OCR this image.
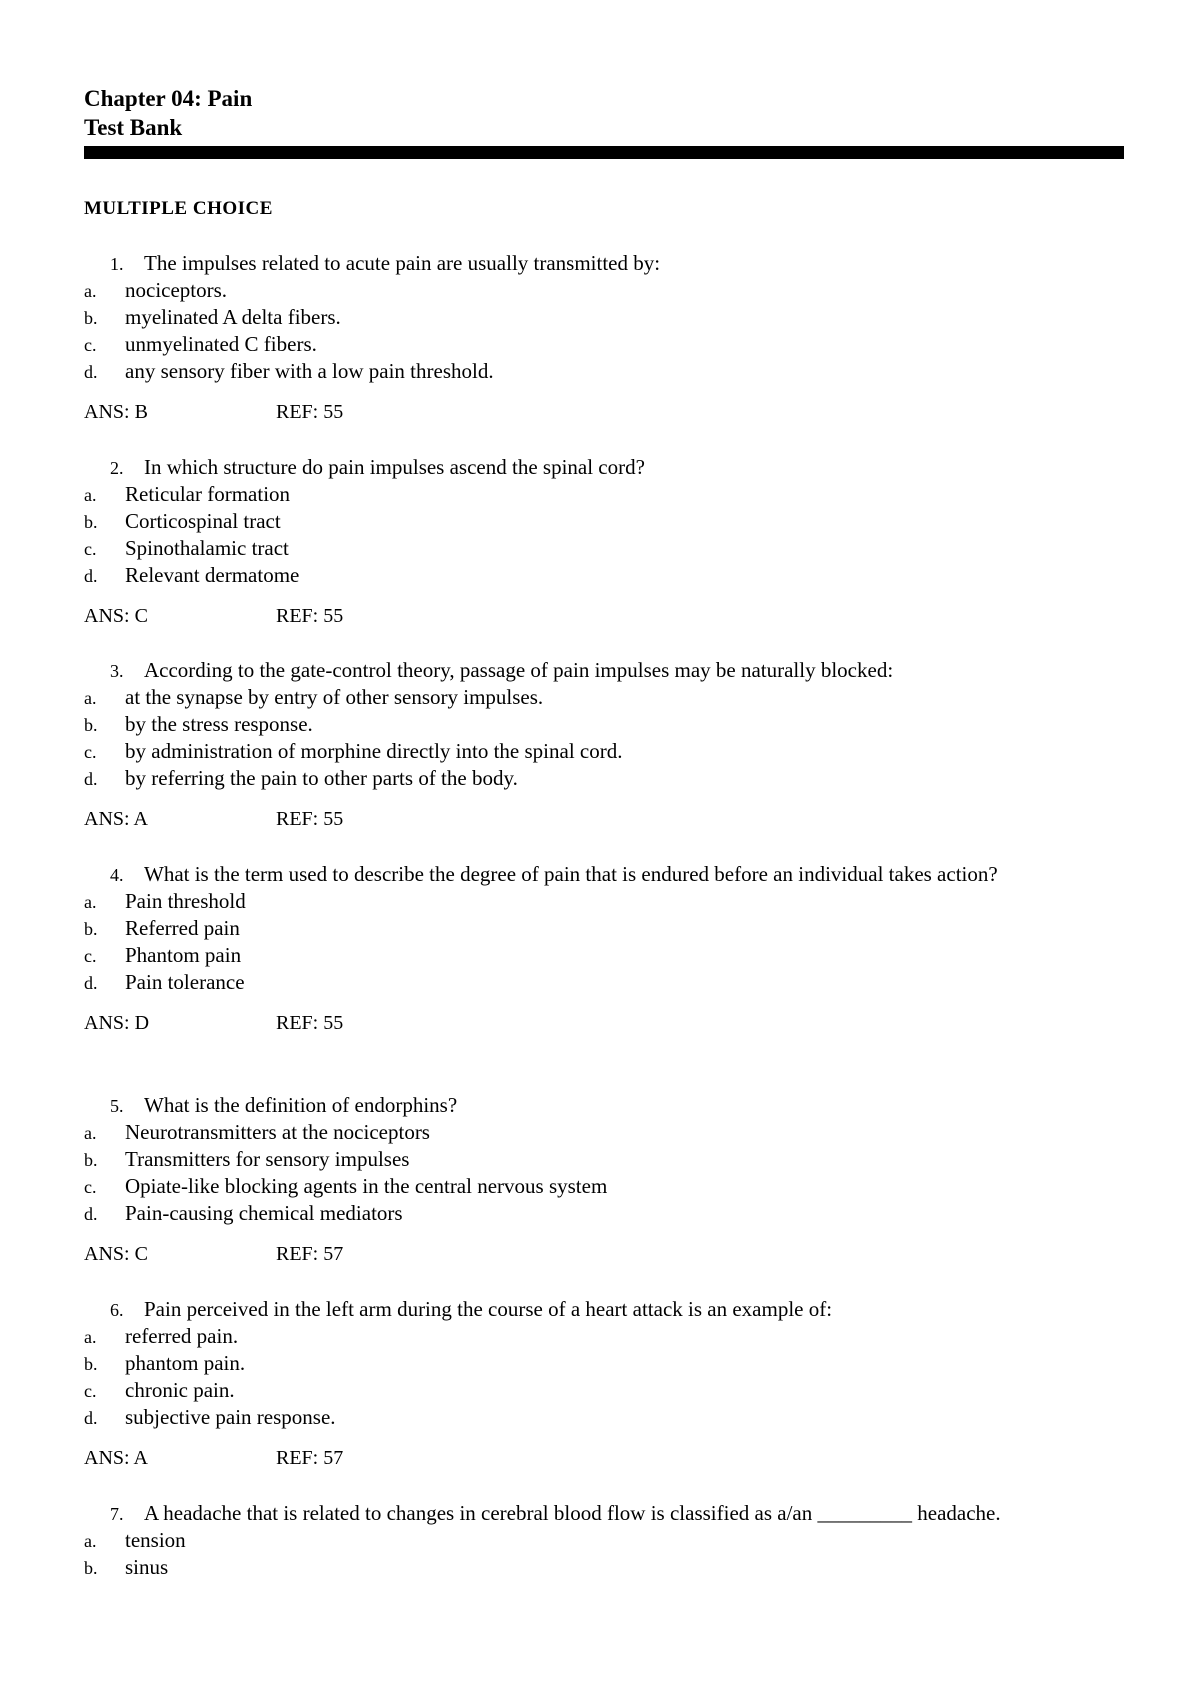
Chapter 04: Pain
Test Bank
MULTIPLE CHOICE
1. The impulses related to acute pain are usually transmitted by:
a. nociceptors.
b. myelinated A delta fibers.
c. unmyelinated C fibers.
d. any sensory fiber with a low pain threshold.
ANS: B	REF: 55
2. In which structure do pain impulses ascend the spinal cord?
a. Reticular formation
b. Corticospinal tract
c. Spinothalamic tract
d. Relevant dermatome
ANS: C	REF: 55
3. According to the gate-control theory, passage of pain impulses may be naturally blocked:
a. at the synapse by entry of other sensory impulses.
b. by the stress response.
c. by administration of morphine directly into the spinal cord.
d. by referring the pain to other parts of the body.
ANS: A	REF: 55
4. What is the term used to describe the degree of pain that is endured before an individual takes action?
a. Pain threshold
b. Referred pain
c. Phantom pain
d. Pain tolerance
ANS: D	REF: 55
5. What is the definition of endorphins?
a. Neurotransmitters at the nociceptors
b. Transmitters for sensory impulses
c. Opiate-like blocking agents in the central nervous system
d. Pain-causing chemical mediators
ANS: C	REF: 57
6. Pain perceived in the left arm during the course of a heart attack is an example of:
a. referred pain.
b. phantom pain.
c. chronic pain.
d. subjective pain response.
ANS: A	REF: 57
7. A headache that is related to changes in cerebral blood flow is classified as a/an _________ headache.
a. tension
b. sinus
